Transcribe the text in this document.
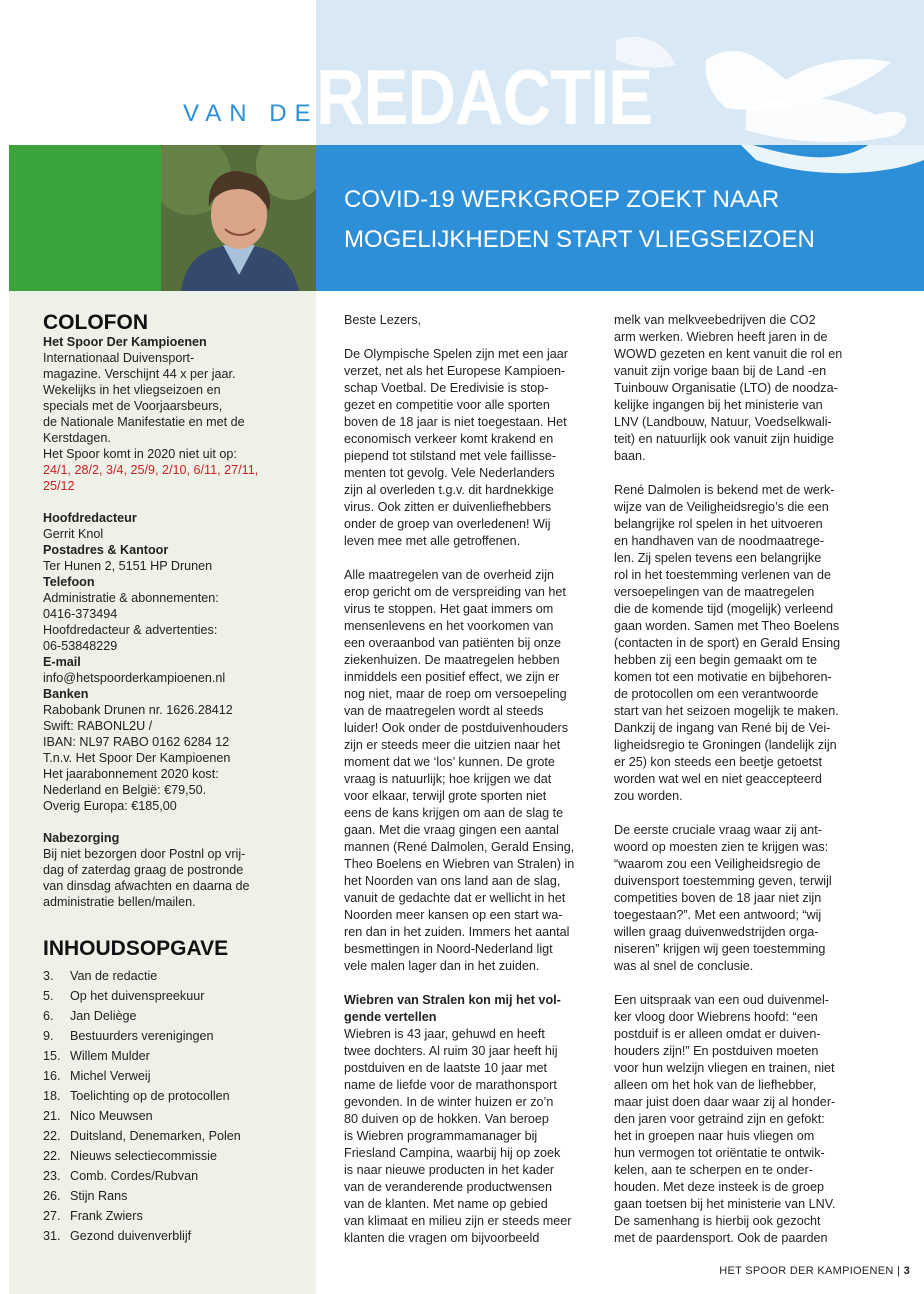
VAN DE
REDACTIE
COVID-19 WERKGROEP ZOEKT NAAR
MOGELIJKHEDEN START VLIEGSEIZOEN
COLOFON
Het Spoor Der Kampioenen
Internationaal Duivensport-
magazine. Verschijnt 44 x per jaar.
Wekelijks in het vliegseizoen en
specials met de Voorjaarsbeurs,
de Nationale Manifestatie en met de
Kerstdagen.
Het Spoor komt in 2020 niet uit op:
24/1, 28/2, 3/4, 25/9, 2/10, 6/11, 27/11,
25/12
Hoofdredacteur
Gerrit Knol
Postadres & Kantoor
Ter Hunen 2, 5151 HP Drunen
Telefoon
Administratie & abonnementen:
0416-373494
Hoofdredacteur & advertenties:
06-53848229
E-mail
info@hetspoorderkampioenen.nl
Banken
Rabobank Drunen nr. 1626.28412
Swift: RABONL2U /
IBAN: NL97 RABO 0162 6284 12
T.n.v. Het Spoor Der Kampioenen
Het jaarabonnement 2020 kost:
Nederland en België: €79,50.
Overig Europa: €185,00
Nabezorging
Bij niet bezorgen door Postnl op vrij-
dag of zaterdag graag de postronde
van dinsdag afwachten en daarna de
administratie bellen/mailen.
INHOUDSOPGAVE
3.	Van de redactie
5.	Op het duivenspreekuur
6.	Jan Deliège
9.	Bestuurders verenigingen
15. Willem Mulder
16. Michel Verweij
18. Toelichting op de protocollen
21. Nico Meuwsen
22. Duitsland, Denemarken, Polen
22. Nieuws selectiecommissie
23. Comb. Cordes/Rubvan
26. Stijn Rans
27. Frank Zwiers
31. Gezond duivenverblijf

Beste Lezers,

De Olympische Spelen zijn met een jaar
verzet, net als het Europese Kampioen-
schap Voetbal. De Eredivisie is stop-
gezet en competitie voor alle sporten
boven de 18 jaar is niet toegestaan. Het
economisch verkeer komt krakend en
piepend tot stilstand met vele faillisse-
menten tot gevolg. Vele Nederlanders
zijn al overleden t.g.v. dit hardnekkige
virus. Ook zitten er duivenliefhebbers
onder de groep van overledenen! Wij
leven mee met alle getroffenen.

Alle maatregelen van de overheid zijn
erop gericht om de verspreiding van het
virus te stoppen. Het gaat immers om
mensenlevens en het voorkomen van
een overaanbod van patiënten bij onze
ziekenhuizen. De maatregelen hebben
inmiddels een positief effect, we zijn er
nog niet, maar de roep om versoepeling
van de maatregelen wordt al steeds
luider! Ook onder de postduivenhouders
zijn er steeds meer die uitzien naar het
moment dat we ‘los’ kunnen. De grote
vraag is natuurlijk; hoe krijgen we dat
voor elkaar, terwijl grote sporten niet
eens de kans krijgen om aan de slag te
gaan. Met die vraag gingen een aantal
mannen (René Dalmolen, Gerald Ensing,
Theo Boelens en Wiebren van Stralen) in
het Noorden van ons land aan de slag,
vanuit de gedachte dat er wellicht in het
Noorden meer kansen op een start wa-
ren dan in het zuiden. Immers het aantal
besmettingen in Noord-Nederland ligt
vele malen lager dan in het zuiden.

Wiebren van Stralen kon mij het vol-
gende vertellen

Wiebren is 43 jaar, gehuwd en heeft
twee dochters. Al ruim 30 jaar heeft hij
postduiven en de laatste 10 jaar met
name de liefde voor de marathonsport
gevonden. In de winter huizen er zo’n
80 duiven op de hokken. Van beroep
is Wiebren programmamanager bij
Friesland Campina, waarbij hij op zoek
is naar nieuwe producten in het kader
van de veranderende productwensen
van de klanten. Met name op gebied
van klimaat en milieu zijn er steeds meer
klanten die vragen om bijvoorbeeld

melk van melkveebedrijven die CO2
arm werken. Wiebren heeft jaren in de
WOWD gezeten en kent vanuit die rol en
vanuit zijn vorige baan bij de Land -en
Tuinbouw Organisatie (LTO) de noodza-
kelijke ingangen bij het ministerie van
LNV (Landbouw, Natuur, Voedselkwali-
teit) en natuurlijk ook vanuit zijn huidige
baan.

René Dalmolen is bekend met de werk-
wijze van de Veiligheidsregio’s die een
belangrijke rol spelen in het uitvoeren
en handhaven van de noodmaatrege-
len. Zij spelen tevens een belangrijke
rol in het toestemming verlenen van de
versoepelingen van de maatregelen
die de komende tijd (mogelijk) verleend
gaan worden. Samen met Theo Boelens
(contacten in de sport) en Gerald Ensing
hebben zij een begin gemaakt om te
komen tot een motivatie en bijbehoren-
de protocollen om een verantwoorde
start van het seizoen mogelijk te maken.
Dankzij de ingang van René bij de Vei-
ligheidsregio te Groningen (landelijk zijn
er 25) kon steeds een beetje getoetst
worden wat wel en niet geaccepteerd
zou worden.

De eerste cruciale vraag waar zij ant-
woord op moesten zien te krijgen was:
“waarom zou een Veiligheidsregio de
duivensport toestemming geven, terwijl
competities boven de 18 jaar niet zijn
toegestaan?”. Met een antwoord; “wij
willen graag duivenwedstrijden orga-
niseren” krijgen wij geen toestemming
was al snel de conclusie.

Een uitspraak van een oud duivenmel-
ker vloog door Wiebrens hoofd: “een
postduif is er alleen omdat er duiven-
houders zijn!” En postduiven moeten
voor hun welzijn vliegen en trainen, niet
alleen om het hok van de liefhebber,
maar juist doen daar waar zij al honder-
den jaren voor getraind zijn en gefokt:
het in groepen naar huis vliegen om
hun vermogen tot oriëntatie te ontwik-
kelen, aan te scherpen en te onder-
houden. Met deze insteek is de groep
gaan toetsen bij het ministerie van LNV.
De samenhang is hierbij ook gezocht
met de paardensport. Ook de paarden

HET SPOOR DER KAMPIOENEN | 3
